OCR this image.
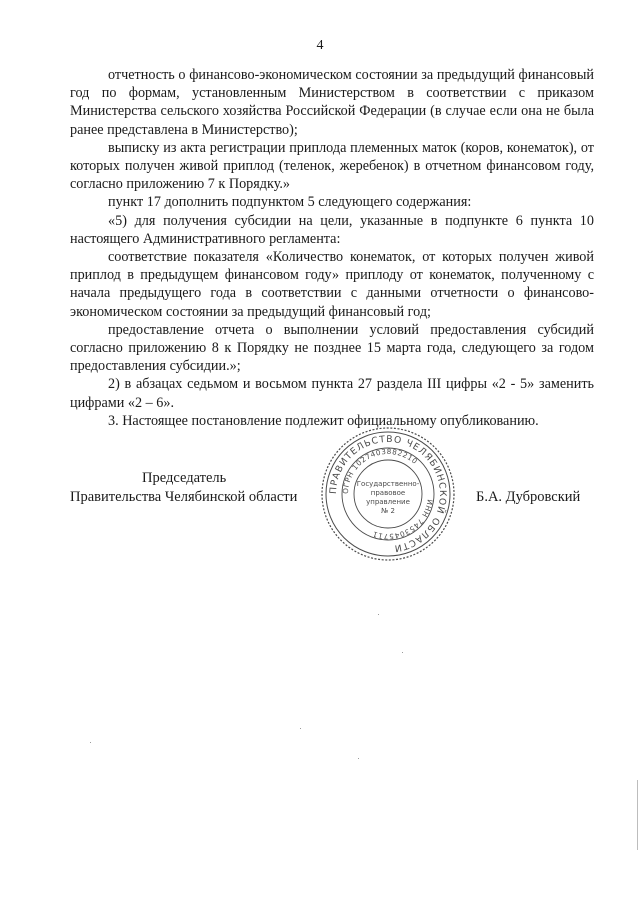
4

отчетность о финансово-экономическом состоянии за предыдущий финансовый год по формам, установленным Министерством в соответствии с приказом Министерства сельского хозяйства Российской Федерации (в случае если она не была ранее представлена в Министерство);

выписку из акта регистрации приплода племенных маток (коров, конематок), от которых получен живой приплод (теленок, жеребенок) в отчетном финансовом году, согласно приложению 7 к Порядку.»

пункт 17 дополнить подпунктом 5 следующего содержания:

«5) для получения субсидии на цели, указанные в подпункте 6 пункта 10 настоящего Административного регламента:

соответствие показателя «Количество конематок, от которых получен живой приплод в предыдущем финансовом году» приплоду от конематок, полученному с начала предыдущего года в соответствии с данными отчетности о финансово-экономическом состоянии за предыдущий финансовый год;

предоставление отчета о выполнении условий предоставления субсидий согласно приложению 8 к Порядку не позднее 15 марта года, следующего за годом предоставления субсидии.»;

2) в абзацах седьмом и восьмом пункта 27 раздела III цифры «2 - 5» заменить цифрами «2 – 6».

3. Настоящее постановление подлежит официальному опубликованию.

Председатель
Правительства Челябинской области	ПРАВИТЕЛЬСТВО ЧЕЛЯБИНСКОЙ ОБЛАСТИ
ОГРН 1027403882210
ИНН 7453045711
Государственно-
правовое
управление
№ 2
Б.А. Дубровский
